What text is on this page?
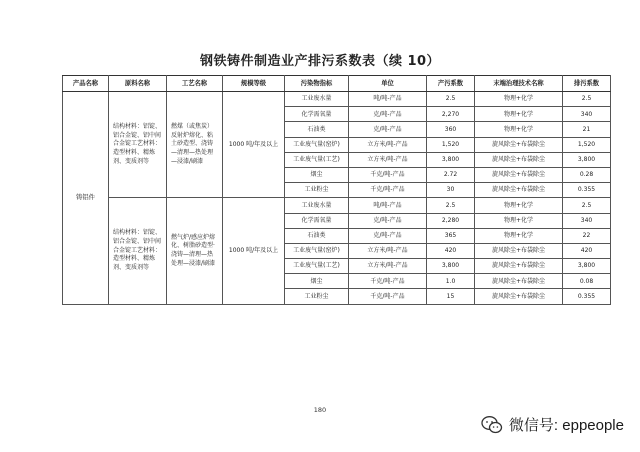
钢铁铸件制造业产排污系数表（续 10）
产品名称	原料名称	工艺名称	规模等级	污染物指标	单位	产污系数	末端治理技术名称	排污系数
铸铝件	结构材料：铝锭、铝合金锭、铝中间合金锭工艺材料：造型材料、精炼剂、变质剂等	燃煤（或焦炭）反射炉熔化、粘土砂造型、浇铸—清理—热处理—浸漆/刷漆	1000 吨/年及以上	工业废水量	吨/吨-产品	2.5	物理+化学	2.5
				化学需氧量	克/吨-产品	2,270	物理+化学	340
				石油类	克/吨-产品	360	物理+化学	21
				工业废气量(窑炉)	立方米/吨-产品	1,520	旋风除尘+布袋除尘	1,520
				工业废气量(工艺)	立方米/吨-产品	3,800	旋风除尘+布袋除尘	3,800
				烟尘	千克/吨-产品	2.72	旋风除尘+布袋除尘	0.28
				工业粉尘	千克/吨-产品	30	旋风除尘+布袋除尘	0.355
	结构材料：铝锭、铝合金锭、铝中间合金锭工艺材料：造型材料、精炼剂、变质剂等	燃气炉/感应炉熔化、树脂砂造型·浇铸—清理—热处理—浸漆/刷漆	1000 吨/年及以上	工业废水量	吨/吨-产品	2.5	物理+化学	2.5
				化学需氧量	克/吨-产品	2,280	物理+化学	340
				石油类	克/吨-产品	365	物理+化学	22
				工业废气量(窑炉)	立方米/吨-产品	420	旋风除尘+布袋除尘	420
				工业废气量(工艺)	立方米/吨-产品	3,800	旋风除尘+布袋除尘	3,800
				烟尘	千克/吨-产品	1.0	旋风除尘+布袋除尘	0.08
				工业粉尘	千克/吨-产品	15	旋风除尘+布袋除尘	0.355
180
微信号: eppeople
